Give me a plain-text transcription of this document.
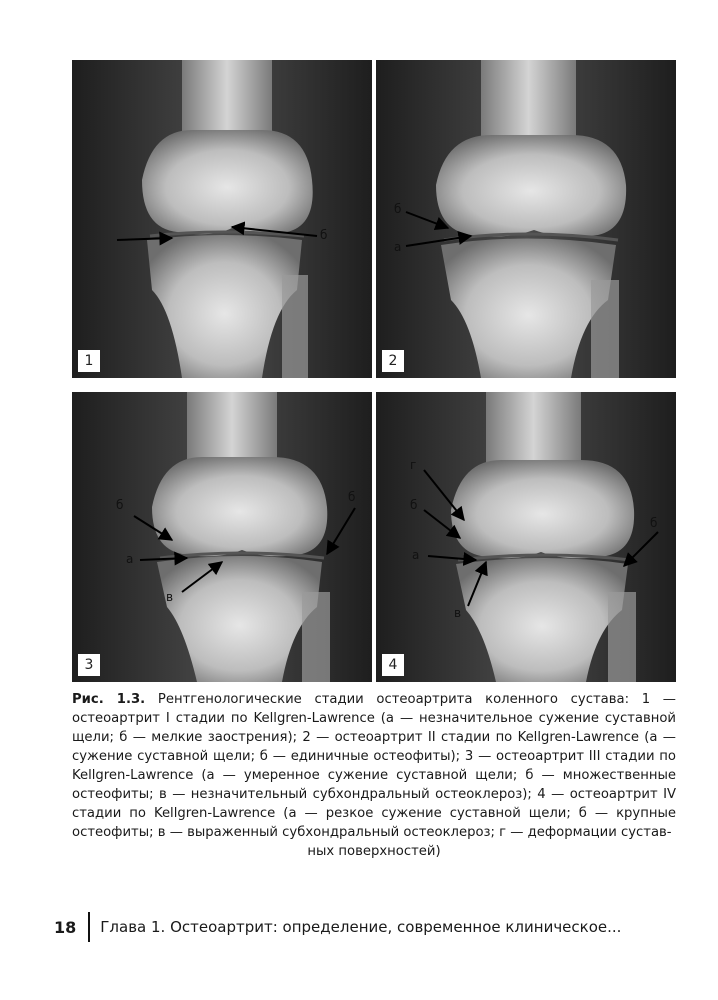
б
1
б
а
2
б
б
а
в
3
г
б
б
а
в
4
Рис. 1.3. Рентгенологические стадии остеоартрита коленного сустава: 1 — остеоартрит I стадии по Kellgren-Lawrence (а — незначительное сужение суставной щели; б — мелкие заострения); 2 — остеоартрит II стадии по Kellgren-Lawrence (а — сужение суставной щели; б — единичные остеофиты); 3 — остеоартрит III стадии по Kellgren-Lawrence (а — умеренное сужение суставной щели; б — множественные остеофиты; в — незначительный субхондральный остеоклероз); 4 — остеоартрит IV стадии по Kellgren-Lawrence (а — резкое сужение суставной щели; б — крупные остеофиты; в — выраженный субхондральный остеоклероз; г — деформации сустав-
ных поверхностей)
18 Глава 1. Остеоартрит: определение, современное клиническое...
